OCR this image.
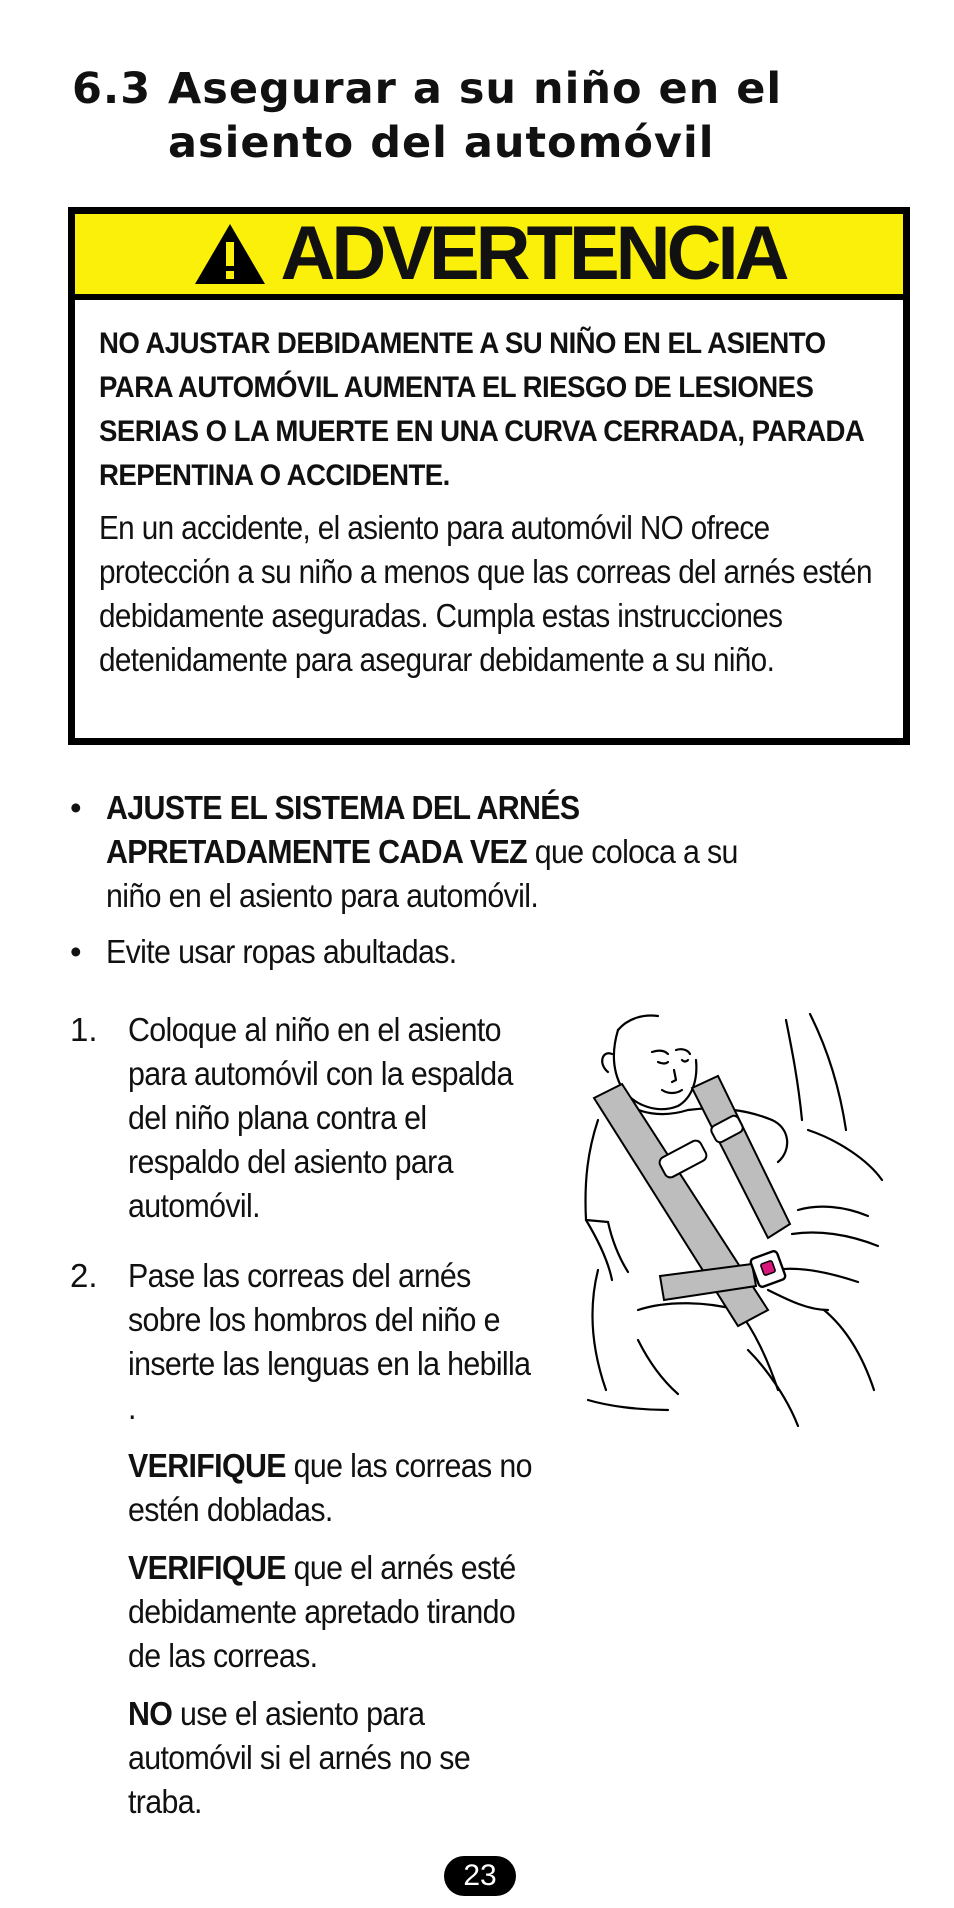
6.3 Asegurar a su niño en el
asiento del automóvil
ADVERTENCIA
NO AJUSTAR DEBIDAMENTE A SU NIÑO EN EL ASIENTO PARA AUTOMÓVIL AUMENTA EL RIESGO DE LESIONES SERIAS O LA MUERTE EN UNA CURVA CERRADA, PARADA REPENTINA O ACCIDENTE.
En un accidente, el asiento para automóvil NO ofrece protección a su niño a menos que las correas del arnés estén debidamente aseguradas. Cumpla estas instrucciones detenidamente para asegurar debidamente a su niño.
• AJUSTE EL SISTEMA DEL ARNÉS APRETADAMENTE CADA VEZ que coloca a su niño en el asiento para automóvil.
• Evite usar ropas abultadas.
1. Coloque al niño en el asiento para automóvil con la espalda del niño plana contra el respaldo del asiento para automóvil.
2. Pase las correas del arnés sobre los hombros del niño e inserte las lenguas en la hebilla .
VERIFIQUE que las correas no estén dobladas.
VERIFIQUE que el arnés esté debidamente apretado tirando de las correas.
NO use el asiento para automóvil si el arnés no se traba.
23
